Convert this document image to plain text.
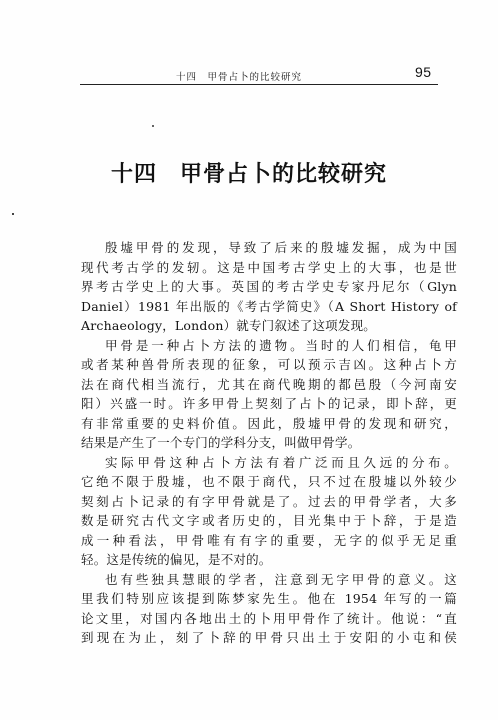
十四　甲骨占卜的比较研究	95
十四　甲骨占卜的比较研究
殷墟甲骨的发现，导致了后来的殷墟发掘，成为中国
现代考古学的发轫。这是中国考古学史上的大事，也是世
界考古学史上的大事。英国的考古学史专家丹尼尔（Glyn
Daniel）1981 年出版的《考古学简史》（A Short History of
Archaeology，London）就专门叙述了这项发现。
甲骨是一种占卜方法的遗物。当时的人们相信，龟甲
或者某种兽骨所表现的征象，可以预示吉凶。这种占卜方
法在商代相当流行，尤其在商代晚期的都邑殷（今河南安
阳）兴盛一时。许多甲骨上契刻了占卜的记录，即卜辞，更
有非常重要的史料价值。因此，殷墟甲骨的发现和研究，
结果是产生了一个专门的学科分支，叫做甲骨学。
实际甲骨这种占卜方法有着广泛而且久远的分布。
它绝不限于殷墟，也不限于商代，只不过在殷墟以外较少
契刻占卜记录的有字甲骨就是了。过去的甲骨学者，大多
数是研究古代文字或者历史的，目光集中于卜辞，于是造
成一种看法，甲骨唯有有字的重要，无字的似乎无足重
轻。这是传统的偏见，是不对的。
也有些独具慧眼的学者，注意到无字甲骨的意义。这
里我们特别应该提到陈梦家先生。他在 1954 年写的一篇
论文里，对国内各地出土的卜用甲骨作了统计。他说：“直
到现在为止，刻了卜辞的甲骨只出土于安阳的小屯和侯
